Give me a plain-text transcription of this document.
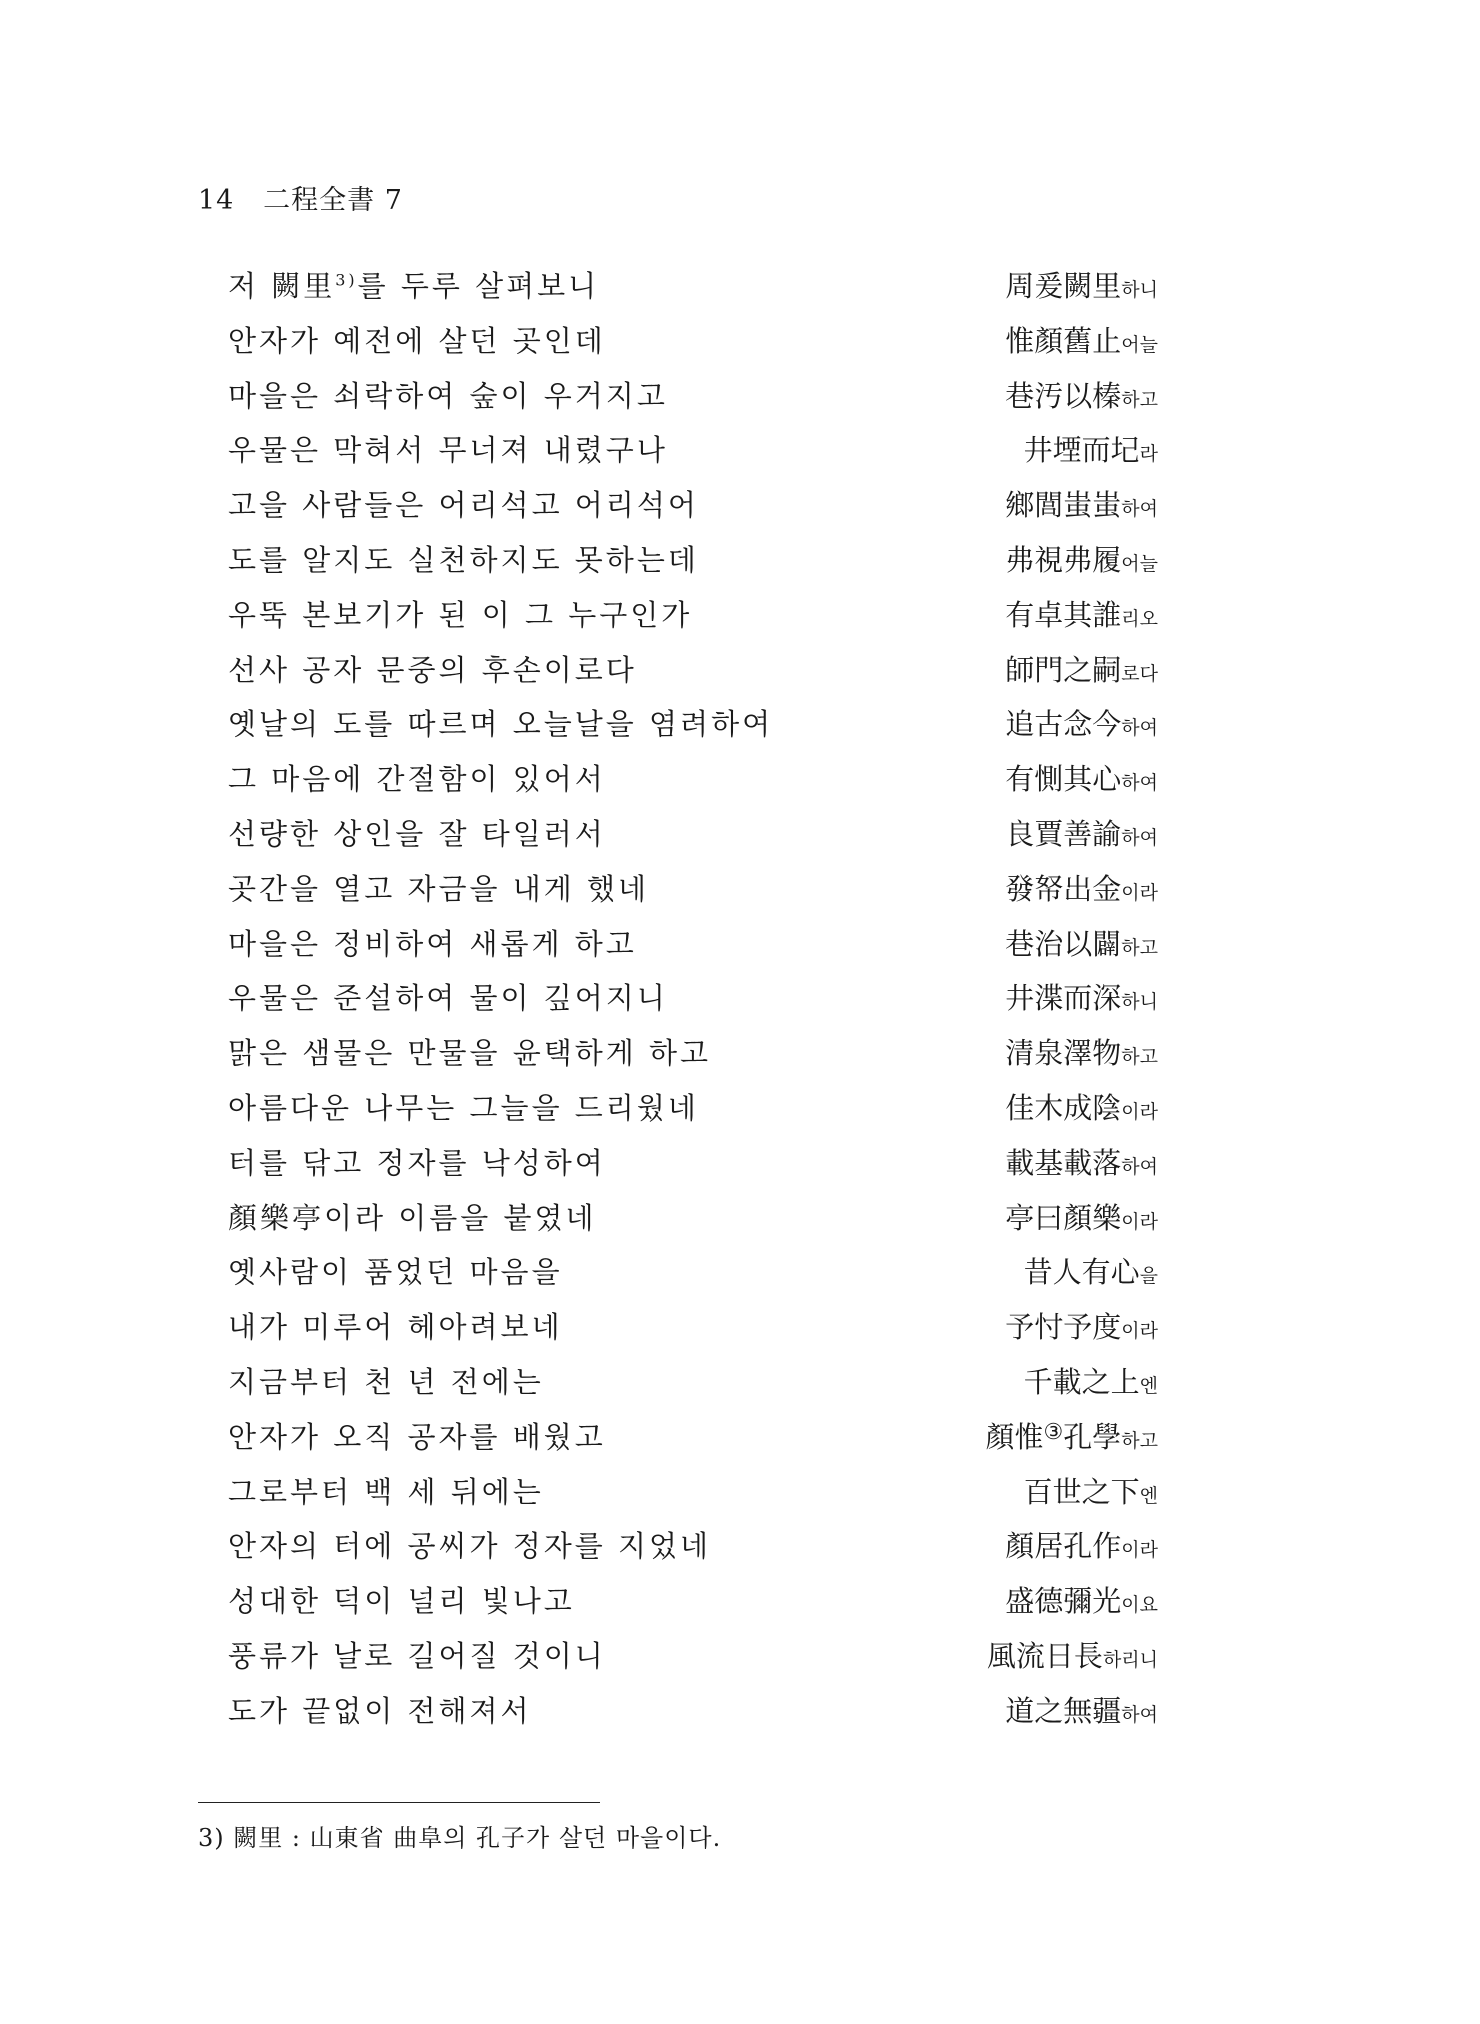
14 二程全書 7
저 闕里$^{3)}$를 두루 살펴보니	周爰闕里하니
안자가 예전에 살던 곳인데	惟顏舊止어늘
마을은 쇠락하여 숲이 우거지고	巷汚以榛하고
우물은 막혀서 무너져 내렸구나	井堙而圮라
고을 사람들은 어리석고 어리석어	鄉閭蚩蚩하여
도를 알지도 실천하지도 못하는데	弗視弗履어늘
우뚝 본보기가 된 이 그 누구인가	有卓其誰리오
선사 공자 문중의 후손이로다	師門之嗣로다
옛날의 도를 따르며 오늘날을 염려하여	追古念今하여
그 마음에 간절함이 있어서	有惻其心하여
선량한 상인을 잘 타일러서	良賈善諭하여
곳간을 열고 자금을 내게 했네	發帑出金이라
마을은 정비하여 새롭게 하고	巷治以闢하고
우물은 준설하여 물이 깊어지니	井渫而深하니
맑은 샘물은 만물을 윤택하게 하고	清泉澤物하고
아름다운 나무는 그늘을 드리웠네	佳木成陰이라
터를 닦고 정자를 낙성하여	載基載落하여
顏樂亭이라 이름을 붙였네	亭曰顏樂이라
옛사람이 품었던 마음을	昔人有心을
내가 미루어 헤아려보네	予忖予度이라
지금부터 천 년 전에는	千載之上엔
안자가 오직 공자를 배웠고	顏惟③孔學하고
그로부터 백 세 뒤에는	百世之下엔
안자의 터에 공씨가 정자를 지었네	顏居孔作이라
성대한 덕이 널리 빛나고	盛德彌光이요
풍류가 날로 길어질 것이니	風流日長하리니
도가 끝없이 전해져서	道之無疆하여
3) 闕里 : 山東省 曲阜의 孔子가 살던 마을이다.
